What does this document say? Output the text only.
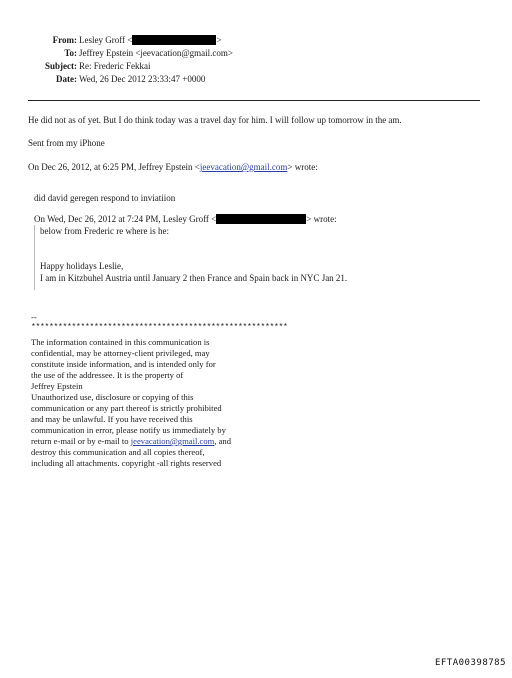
From: Lesley Groff <	>
To: Jeffrey Epstein <jeevacation@gmail.com>
Subject: Re: Frederic Fekkai
Date: Wed, 26 Dec 2012 23:33:47 +0000
He did not as of yet. But I do think today was a travel day for him. I will follow up tomorrow in the am.
Sent from my iPhone
On Dec 26, 2012, at 6:25 PM, Jeffrey Epstein <jeevacation@gmail.com> wrote:
did david geregen respond to inviatiion
On Wed, Dec 26, 2012 at 7:24 PM, Lesley Groff <	> wrote:
below from Frederic re where is he:
Happy holidays Leslie,
I am in Kitzbuhel Austria until January 2 then France and Spain back in NYC Jan 21.
--
*********************************************************
The information contained in this communication is
confidential, may be attorney-client privileged, may
constitute inside information, and is intended only for
the use of the addressee. It is the property of
Jeffrey Epstein
Unauthorized use, disclosure or copying of this
communication or any part thereof is strictly prohibited
and may be unlawful. If you have received this
communication in error, please notify us immediately by
return e-mail or by e-mail to jeevacation@gmail.com, and
destroy this communication and all copies thereof,
including all attachments. copyright -all rights reserved
EFTA00398785
